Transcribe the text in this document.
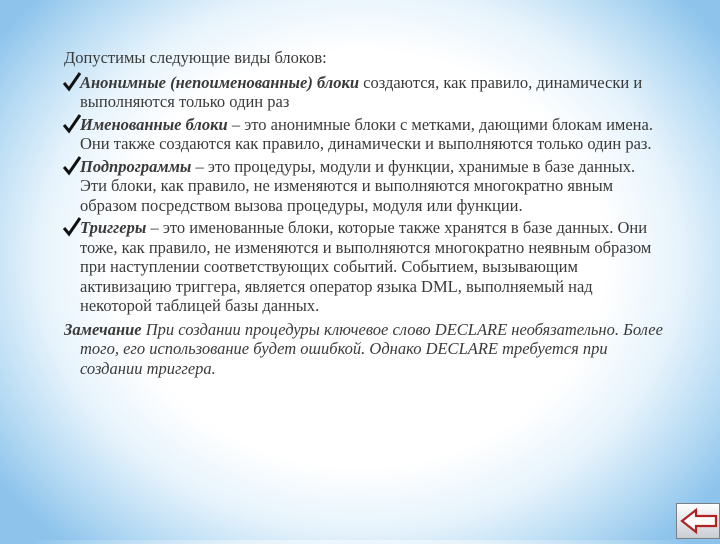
Допустимы следующие виды блоков:

Анонимные (непоименованные) блоки создаются, как правило, динамически и выполняются только один раз
Именованные блоки – это анонимные блоки с метками, дающими блокам имена. Они также создаются как правило, динамически и выполняются только один раз.
Подпрограммы – это процедуры, модули и функции, хранимые в базе данных. Эти блоки, как правило, не изменяются и выполняются многократно явным образом посредством вызова процедуры, модуля или функции.
Триггеры – это именованные блоки, которые также хранятся в базе данных. Они тоже, как правило, не изменяются и выполняются многократно неявным образом при наступлении соответствующих событий. Событием, вызывающим активизацию триггера, является оператор языка DML, выполняемый над некоторой таблицей базы данных.

Замечание При создании процедуры ключевое слово DECLARE необязательно. Более того, его использование будет ошибкой. Однако DECLARE требуется при создании триггера.
